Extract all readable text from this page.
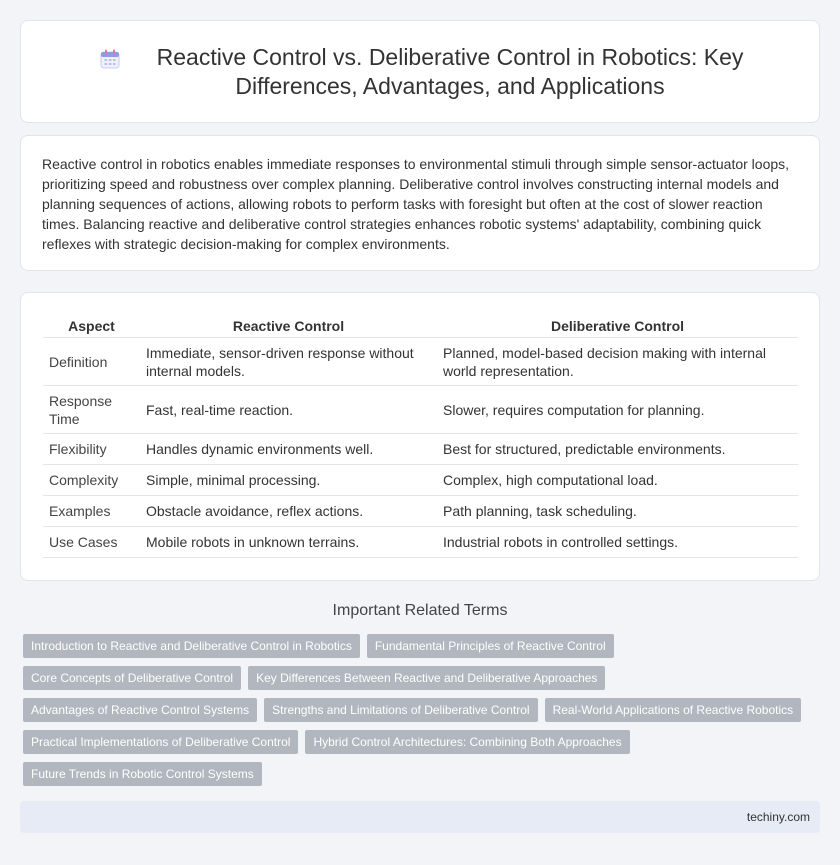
Reactive Control vs. Deliberative Control in Robotics: Key Differences, Advantages, and Applications

Reactive control in robotics enables immediate responses to environmental stimuli through simple sensor-actuator loops, prioritizing speed and robustness over complex planning. Deliberative control involves constructing internal models and planning sequences of actions, allowing robots to perform tasks with foresight but often at the cost of slower reaction times. Balancing reactive and deliberative control strategies enhances robotic systems' adaptability, combining quick reflexes with strategic decision-making for complex environments.

Aspect	Reactive Control	Deliberative Control
Definition	Immediate, sensor-driven response without internal models.	Planned, model-based decision making with internal world representation.
Response Time	Fast, real-time reaction.	Slower, requires computation for planning.
Flexibility	Handles dynamic environments well.	Best for structured, predictable environments.
Complexity	Simple, minimal processing.	Complex, high computational load.
Examples	Obstacle avoidance, reflex actions.	Path planning, task scheduling.
Use Cases	Mobile robots in unknown terrains.	Industrial robots in controlled settings.
Important Related Terms
Introduction to Reactive and Deliberative Control in Robotics	Fundamental Principles of Reactive Control
Core Concepts of Deliberative Control	Key Differences Between Reactive and Deliberative Approaches
Advantages of Reactive Control Systems	Strengths and Limitations of Deliberative Control	Real-World Applications of Reactive Robotics
Practical Implementations of Deliberative Control	Hybrid Control Architectures: Combining Both Approaches
Future Trends in Robotic Control Systems
techiny.com
